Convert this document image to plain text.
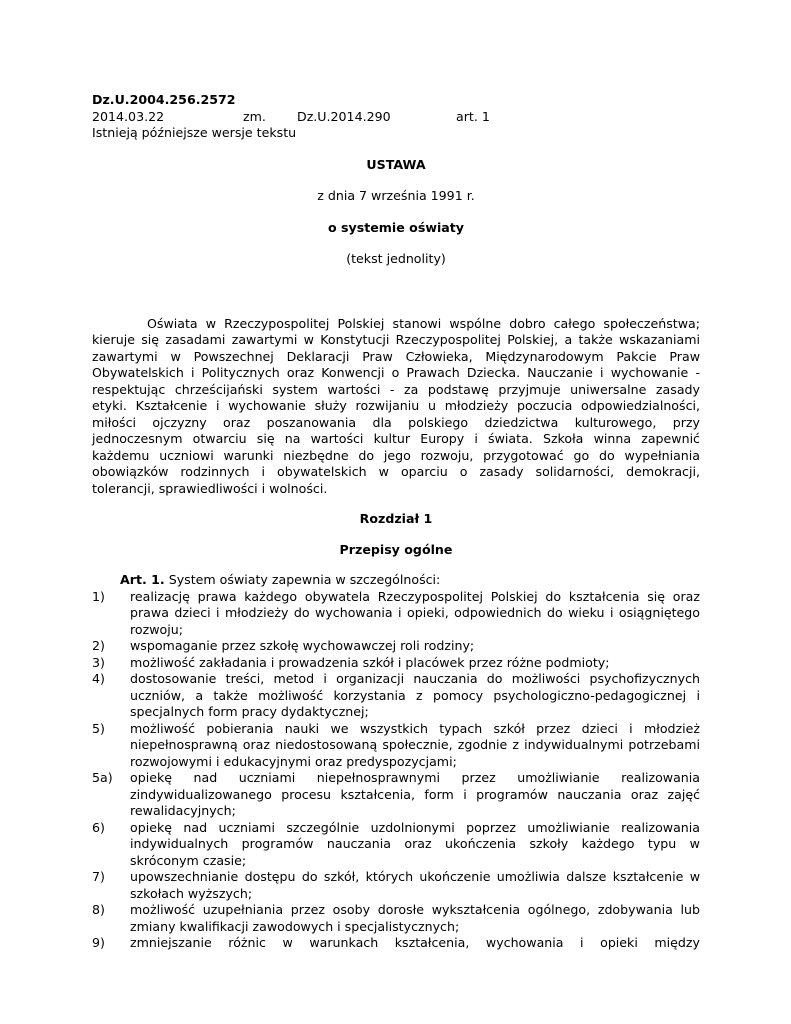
Dz.U.2004.256.2572
2014.03.22	zm. Dz.U.2014.290	art. 1
Istnieją późniejsze wersje tekstu
USTAWA
z dnia 7 września 1991 r.
o systemie oświaty
(tekst jednolity)
Oświata w Rzeczypospolitej Polskiej stanowi wspólne dobro całego społeczeństwa;
kieruje się zasadami zawartymi w Konstytucji Rzeczypospolitej Polskiej, a także wskazaniami
zawartymi w Powszechnej Deklaracji Praw Człowieka, Międzynarodowym Pakcie Praw
Obywatelskich i Politycznych oraz Konwencji o Prawach Dziecka. Nauczanie i wychowanie -
respektując chrześcijański system wartości - za podstawę przyjmuje uniwersalne zasady
etyki. Kształcenie i wychowanie służy rozwijaniu u młodzieży poczucia odpowiedzialności,
miłości ojczyzny oraz poszanowania dla polskiego dziedzictwa kulturowego, przy
jednoczesnym otwarciu się na wartości kultur Europy i świata. Szkoła winna zapewnić
każdemu uczniowi warunki niezbędne do jego rozwoju, przygotować go do wypełniania
obowiązków rodzinnych i obywatelskich w oparciu o zasady solidarności, demokracji,
tolerancji, sprawiedliwości i wolności.
Rozdział 1
Przepisy ogólne
Art. 1. System oświaty zapewnia w szczególności:
1) realizację prawa każdego obywatela Rzeczypospolitej Polskiej do kształcenia się oraz
prawa dzieci i młodzieży do wychowania i opieki, odpowiednich do wieku i osiągniętego
rozwoju;
2) wspomaganie przez szkołę wychowawczej roli rodziny;
3) możliwość zakładania i prowadzenia szkół i placówek przez różne podmioty;
4) dostosowanie treści, metod i organizacji nauczania do możliwości psychofizycznych
uczniów, a także możliwość korzystania z pomocy psychologiczno-pedagogicznej i
specjalnych form pracy dydaktycznej;
5) możliwość pobierania nauki we wszystkich typach szkół przez dzieci i młodzież
niepełnosprawną oraz niedostosowaną społecznie, zgodnie z indywidualnymi potrzebami
rozwojowymi i edukacyjnymi oraz predyspozycjami;
5a) opiekę nad uczniami niepełnosprawnymi przez umożliwianie realizowania
zindywidualizowanego procesu kształcenia, form i programów nauczania oraz zajęć
rewalidacyjnych;
6) opiekę nad uczniami szczególnie uzdolnionymi poprzez umożliwianie realizowania
indywidualnych programów nauczania oraz ukończenia szkoły każdego typu w
skróconym czasie;
7) upowszechnianie dostępu do szkół, których ukończenie umożliwia dalsze kształcenie w
szkołach wyższych;
8) możliwość uzupełniania przez osoby dorosłe wykształcenia ogólnego, zdobywania lub
zmiany kwalifikacji zawodowych i specjalistycznych;
9) zmniejszanie różnic w warunkach kształcenia, wychowania i opieki między
